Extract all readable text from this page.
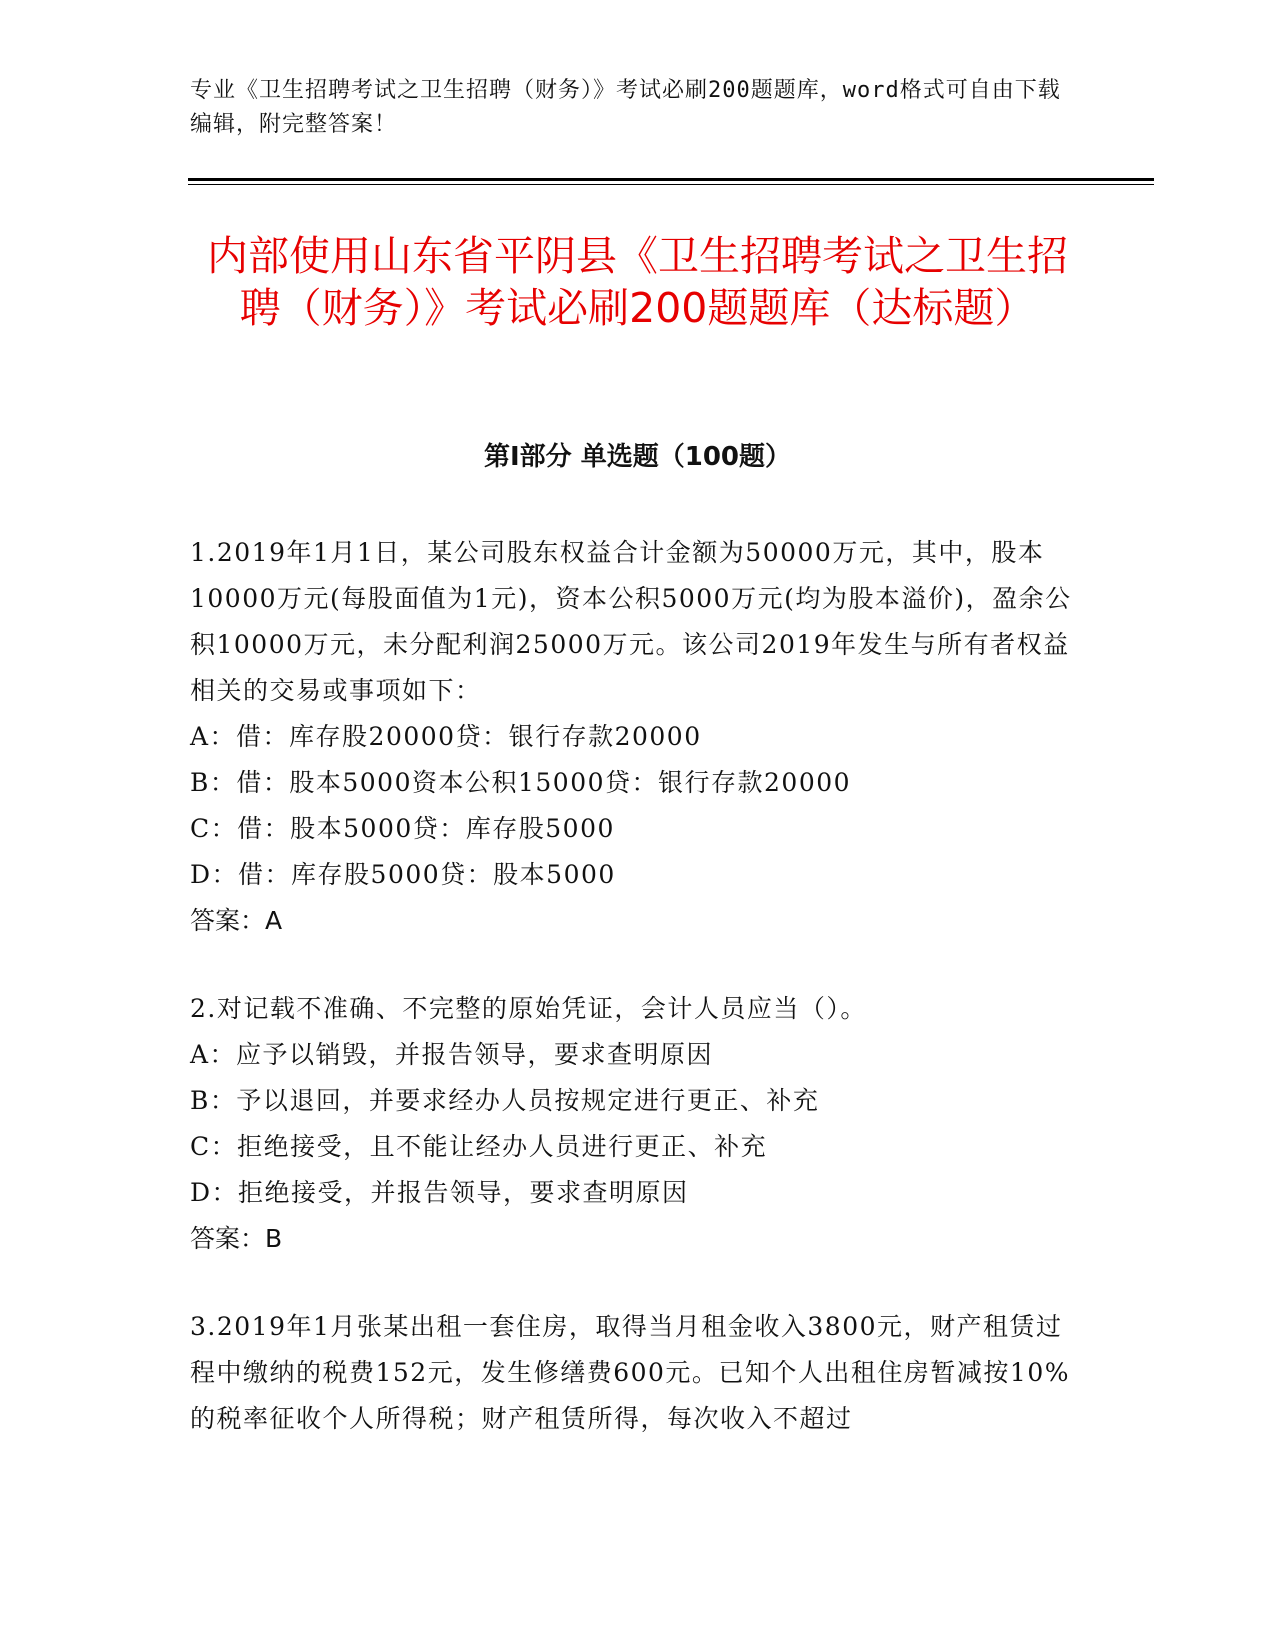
专业《卫生招聘考试之卫生招聘（财务）》考试必刷200题题库，word格式可自由下载编辑，附完整答案！
内部使用山东省平阴县《卫生招聘考试之卫生招聘（财务）》考试必刷200题题库（达标题）
第Ⅰ部分 单选题（100题）

1.2019年1月1日，某公司股东权益合计金额为50000万元，其中，股本10000万元(每股面值为1元)，资本公积5000万元(均为股本溢价)，盈余公积10000万元，未分配利润25000万元。该公司2019年发生与所有者权益相关的交易或事项如下：

A：借：库存股20000贷：银行存款20000

B：借：股本5000资本公积15000贷：银行存款20000

C：借：股本5000贷：库存股5000

D：借：库存股5000贷：股本5000

答案：A

2.对记载不准确、不完整的原始凭证，会计人员应当（）。

A：应予以销毁，并报告领导，要求查明原因

B：予以退回，并要求经办人员按规定进行更正、补充

C：拒绝接受，且不能让经办人员进行更正、补充

D：拒绝接受，并报告领导，要求查明原因

答案：B

3.2019年1月张某出租一套住房，取得当月租金收入3800元，财产租赁过程中缴纳的税费152元，发生修缮费600元。已知个人出租住房暂减按10%的税率征收个人所得税；财产租赁所得，每次收入不超过
